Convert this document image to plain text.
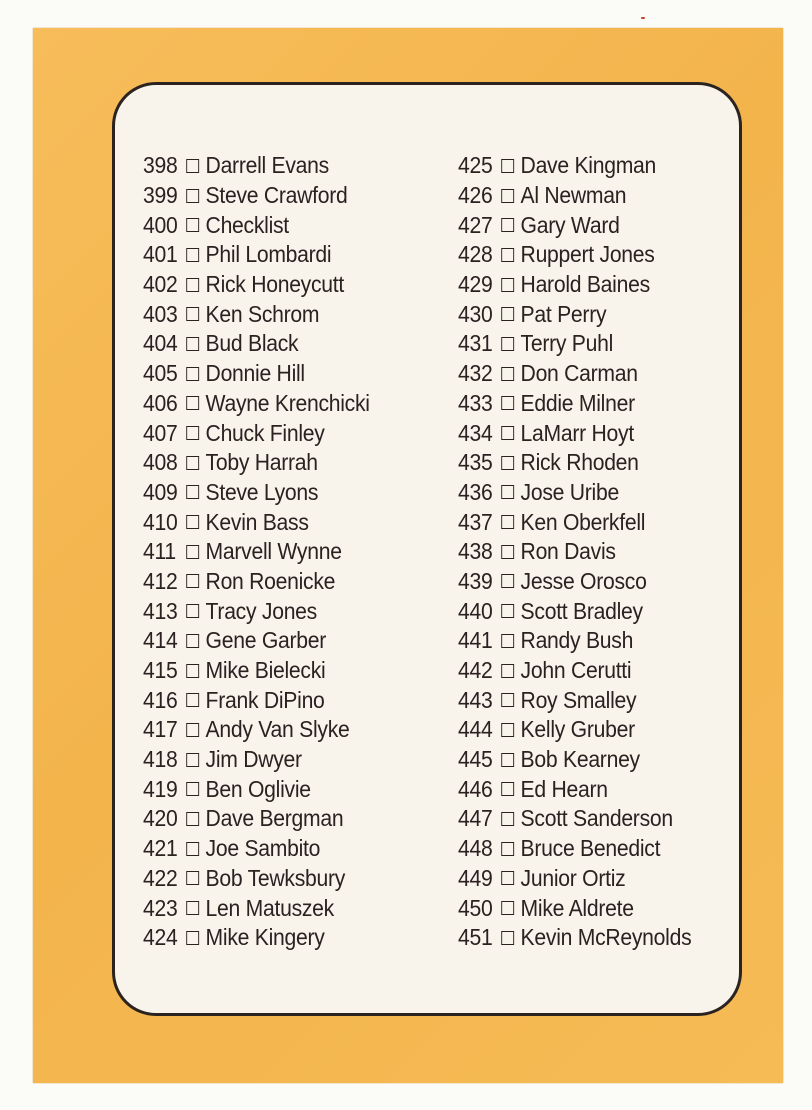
398 Darrell Evans
399 Steve Crawford
400 Checklist
401 Phil Lombardi
402 Rick Honeycutt
403 Ken Schrom
404 Bud Black
405 Donnie Hill
406 Wayne Krenchicki
407 Chuck Finley
408 Toby Harrah
409 Steve Lyons
410 Kevin Bass
411 Marvell Wynne
412 Ron Roenicke
413 Tracy Jones
414 Gene Garber
415 Mike Bielecki
416 Frank DiPino
417 Andy Van Slyke
418 Jim Dwyer
419 Ben Oglivie
420 Dave Bergman
421 Joe Sambito
422 Bob Tewksbury
423 Len Matuszek
424 Mike Kingery
425 Dave Kingman
426 Al Newman
427 Gary Ward
428 Ruppert Jones
429 Harold Baines
430 Pat Perry
431 Terry Puhl
432 Don Carman
433 Eddie Milner
434 LaMarr Hoyt
435 Rick Rhoden
436 Jose Uribe
437 Ken Oberkfell
438 Ron Davis
439 Jesse Orosco
440 Scott Bradley
441 Randy Bush
442 John Cerutti
443 Roy Smalley
444 Kelly Gruber
445 Bob Kearney
446 Ed Hearn
447 Scott Sanderson
448 Bruce Benedict
449 Junior Ortiz
450 Mike Aldrete
451 Kevin McReynolds
